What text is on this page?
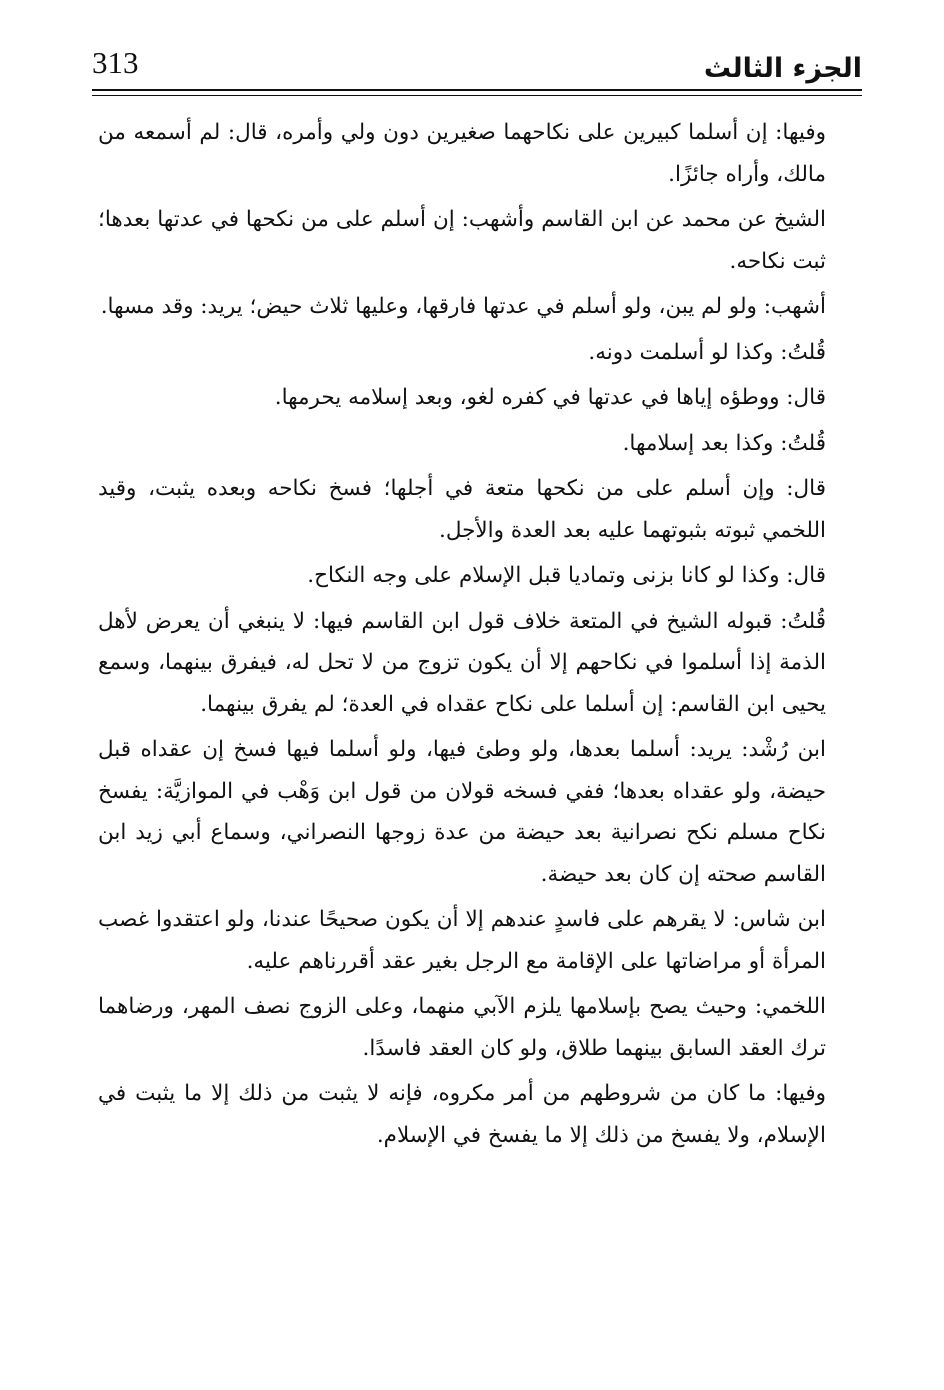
الجزء الثالث
313

وفيها: إن أسلما كبيرين على نكاحهما صغيرين دون ولي وأمره، قال: لم أسمعه من مالك، وأراه جائزًا.

الشيخ عن محمد عن ابن القاسم وأشهب: إن أسلم على من نكحها في عدتها بعدها؛ ثبت نكاحه.

أشهب: ولو لم يبن، ولو أسلم في عدتها فارقها، وعليها ثلاث حيض؛ يريد: وقد مسها.

قُلتُ: وكذا لو أسلمت دونه.

قال: ووطؤه إياها في عدتها في كفره لغو، وبعد إسلامه يحرمها.

قُلتُ: وكذا بعد إسلامها.

قال: وإن أسلم على من نكحها متعة في أجلها؛ فسخ نكاحه وبعده يثبت، وقيد اللخمي ثبوته بثبوتهما عليه بعد العدة والأجل.

قال: وكذا لو كانا بزنى وتماديا قبل الإسلام على وجه النكاح.

قُلتُ: قبوله الشيخ في المتعة خلاف قول ابن القاسم فيها: لا ينبغي أن يعرض لأهل الذمة إذا أسلموا في نكاحهم إلا أن يكون تزوج من لا تحل له، فيفرق بينهما، وسمع يحيى ابن القاسم: إن أسلما على نكاح عقداه في العدة؛ لم يفرق بينهما.

ابن رُشْد: يريد: أسلما بعدها، ولو وطئ فيها، ولو أسلما فيها فسخ إن عقداه قبل حيضة، ولو عقداه بعدها؛ ففي فسخه قولان من قول ابن وَهْب في الموازيَّة: يفسخ نكاح مسلم نكح نصرانية بعد حيضة من عدة زوجها النصراني، وسماع أبي زيد ابن القاسم صحته إن كان بعد حيضة.

ابن شاس: لا يقرهم على فاسدٍ عندهم إلا أن يكون صحيحًا عندنا، ولو اعتقدوا غصب المرأة أو مراضاتها على الإقامة مع الرجل بغير عقد أقررناهم عليه.

اللخمي: وحيث يصح بإسلامها يلزم الآبي منهما، وعلى الزوج نصف المهر، ورضاهما ترك العقد السابق بينهما طلاق، ولو كان العقد فاسدًا.

وفيها: ما كان من شروطهم من أمر مكروه، فإنه لا يثبت من ذلك إلا ما يثبت في الإسلام، ولا يفسخ من ذلك إلا ما يفسخ في الإسلام.
